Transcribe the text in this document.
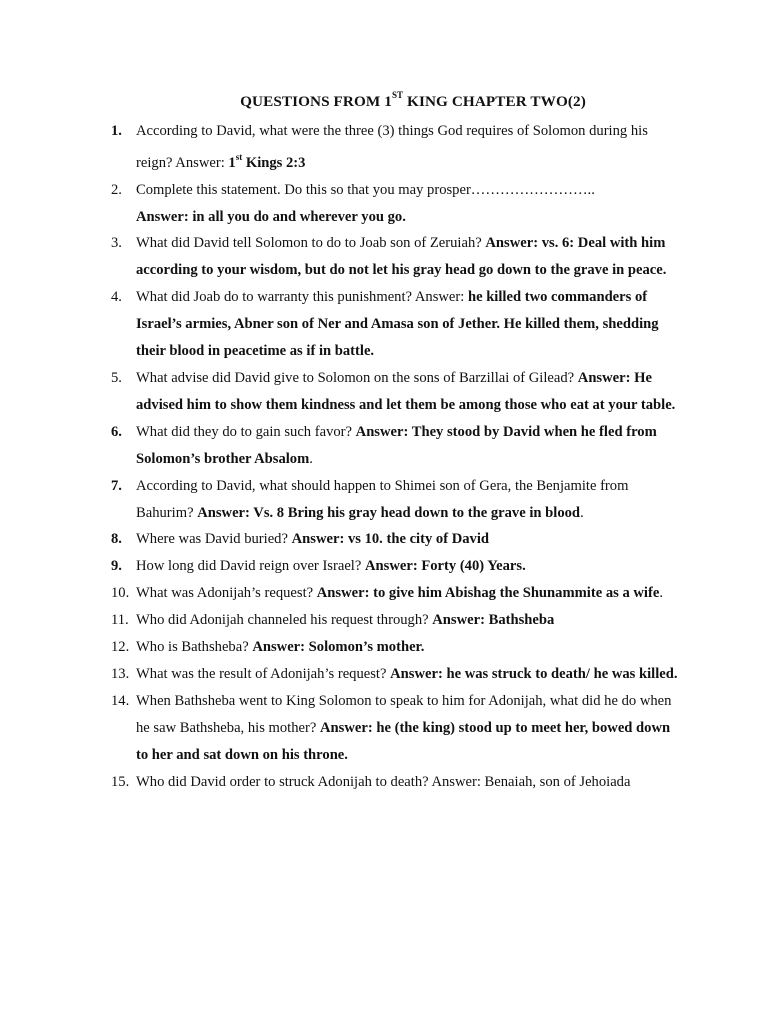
QUESTIONS FROM 1ST KING CHAPTER TWO(2)
1. According to David, what were the three (3) things God requires of Solomon during his reign? Answer: 1st Kings 2:3
2. Complete this statement. Do this so that you may prosper……………………..
Answer: in all you do and wherever you go.
3. What did David tell Solomon to do to Joab son of Zeruiah? Answer: vs. 6: Deal with him according to your wisdom, but do not let his gray head go down to the grave in peace.
4. What did Joab do to warranty this punishment? Answer: he killed two commanders of Israel’s armies, Abner son of Ner and Amasa son of Jether. He killed them, shedding their blood in peacetime as if in battle.
5. What advise did David give to Solomon on the sons of Barzillai of Gilead? Answer: He advised him to show them kindness and let them be among those who eat at your table.
6. What did they do to gain such favor? Answer: They stood by David when he fled from Solomon’s brother Absalom.
7. According to David, what should happen to Shimei son of Gera, the Benjamite from Bahurim? Answer: Vs. 8 Bring his gray head down to the grave in blood.
8. Where was David buried? Answer: vs 10. the city of David
9. How long did David reign over Israel? Answer: Forty (40) Years.
10. What was Adonijah’s request? Answer: to give him Abishag the Shunammite as a wife.
11. Who did Adonijah channeled his request through? Answer: Bathsheba
12. Who is Bathsheba? Answer: Solomon’s mother.
13. What was the result of Adonijah’s request? Answer: he was struck to death/ he was killed.
14. When Bathsheba went to King Solomon to speak to him for Adonijah, what did he do when he saw Bathsheba, his mother? Answer: he (the king) stood up to meet her, bowed down to her and sat down on his throne.
15. Who did David order to struck Adonijah to death? Answer: Benaiah, son of Jehoiada
